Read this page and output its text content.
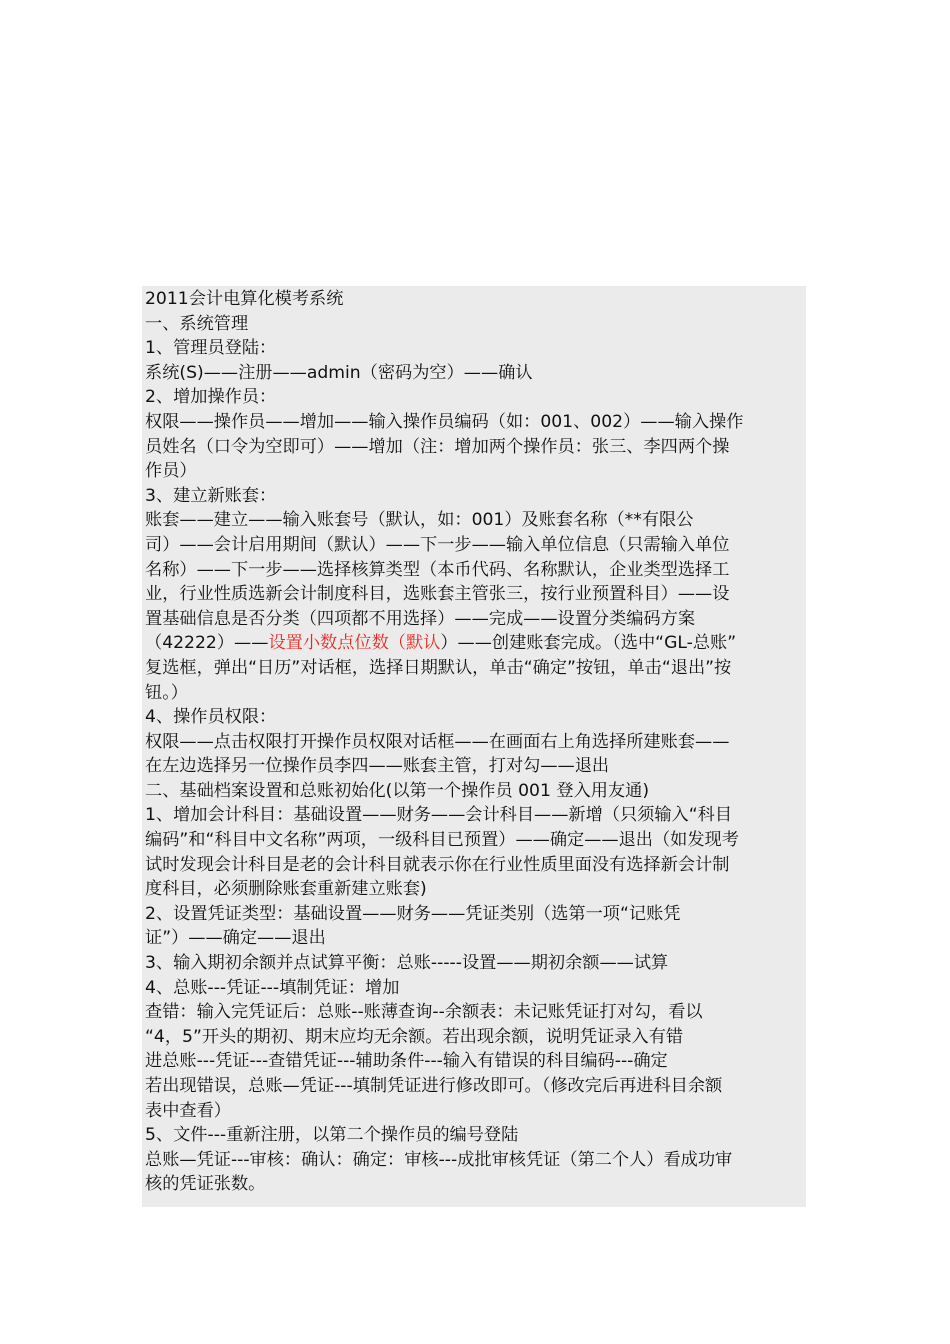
2011会计电算化模考系统
一、系统管理
1、管理员登陆：
系统(S)——注册——admin（密码为空）——确认
2、增加操作员：
权限——操作员——增加——输入操作员编码（如：001、002）——输入操作
员姓名（口令为空即可）——增加（注：增加两个操作员：张三、李四两个操
作员）
3、建立新账套：
账套——建立——输入账套号（默认，如：001）及账套名称（**有限公
司）——会计启用期间（默认）——下一步——输入单位信息（只需输入单位
名称）——下一步——选择核算类型（本币代码、名称默认，企业类型选择工
业，行业性质选新会计制度科目，选账套主管张三，按行业预置科目）——设
置基础信息是否分类（四项都不用选择）——完成——设置分类编码方案
（42222）——设置小数点位数（默认）——创建账套完成。（选中“GL-总账”
复选框，弹出“日历”对话框，选择日期默认，单击“确定”按钮，单击“退出”按
钮。）
4、操作员权限：
权限——点击权限打开操作员权限对话框——在画面右上角选择所建账套——
在左边选择另一位操作员李四——账套主管，打对勾——退出
二、基础档案设置和总账初始化(以第一个操作员 001 登入用友通)
1、增加会计科目：基础设置——财务——会计科目——新增（只须输入“科目
编码”和“科目中文名称”两项，一级科目已预置）——确定——退出（如发现考
试时发现会计科目是老的会计科目就表示你在行业性质里面没有选择新会计制
度科目，必须删除账套重新建立账套)
2、设置凭证类型：基础设置——财务——凭证类别（选第一项“记账凭
证”）——确定——退出
3、输入期初余额并点试算平衡：总账-----设置——期初余额——试算
4、总账---凭证---填制凭证：增加
查错：输入完凭证后：总账--账薄查询--余额表：未记账凭证打对勾，看以
“4，5”开头的期初、期末应均无余额。若出现余额，说明凭证录入有错
进总账---凭证---查错凭证---辅助条件---输入有错误的科目编码---确定
若出现错误，总账—凭证---填制凭证进行修改即可。（修改完后再进科目余额
表中查看）
5、文件---重新注册，以第二个操作员的编号登陆
总账—凭证---审核：确认：确定：审核---成批审核凭证（第二个人）看成功审
核的凭证张数。
